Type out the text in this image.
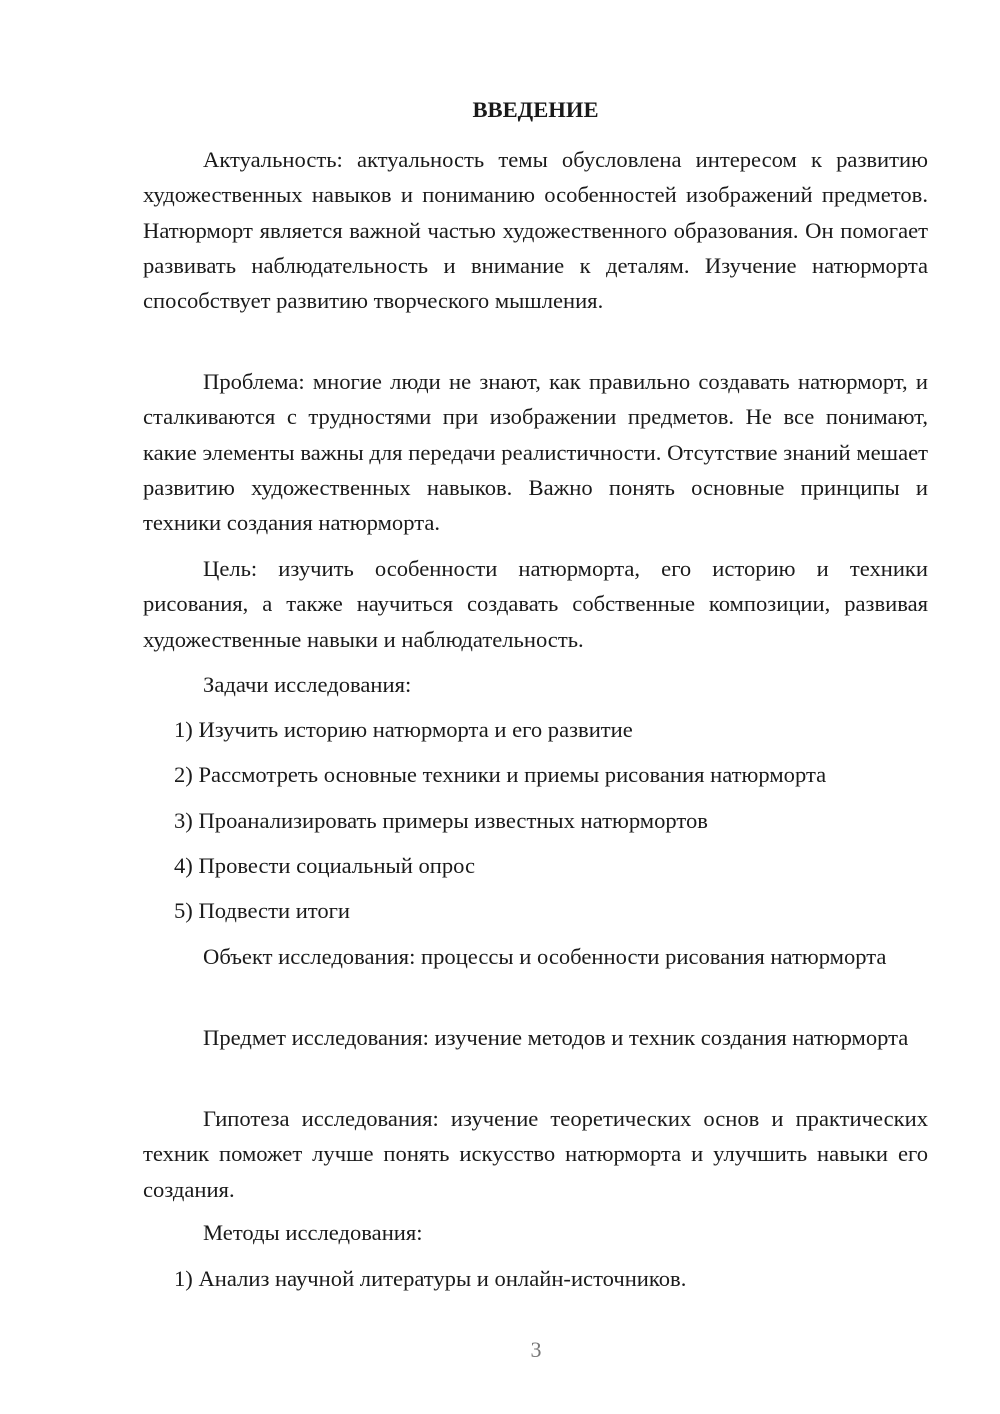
ВВЕДЕНИЕ

Актуальность: актуальность темы обусловлена интересом к развитию художественных навыков и пониманию особенностей изображений предметов. Натюрморт является важной частью художественного образования. Он помогает развивать наблюдательность и внимание к деталям. Изучение натюрморта способствует развитию творческого мышления.

Проблема: многие люди не знают, как правильно создавать натюрморт, и сталкиваются с трудностями при изображении предметов. Не все понимают, какие элементы важны для передачи реалистичности. Отсутствие знаний мешает развитию художественных навыков. Важно понять основные принципы и техники создания натюрморта.

Цель: изучить особенности натюрморта, его историю и техники рисования, а также научиться создавать собственные композиции, развивая художественные навыки и наблюдательность.

Задачи исследования:

1) Изучить историю натюрморта и его развитие

2) Рассмотреть основные техники и приемы рисования натюрморта

3) Проанализировать примеры известных натюрмортов

4) Провести социальный опрос

5) Подвести итоги

Объект исследования: процессы и особенности рисования натюрморта

Предмет исследования: изучение методов и техник создания натюрморта

Гипотеза исследования: изучение теоретических основ и практических техник поможет лучше понять искусство натюрморта и улучшить навыки его создания.

Методы исследования:

1) Анализ научной литературы и онлайн-источников.

3
